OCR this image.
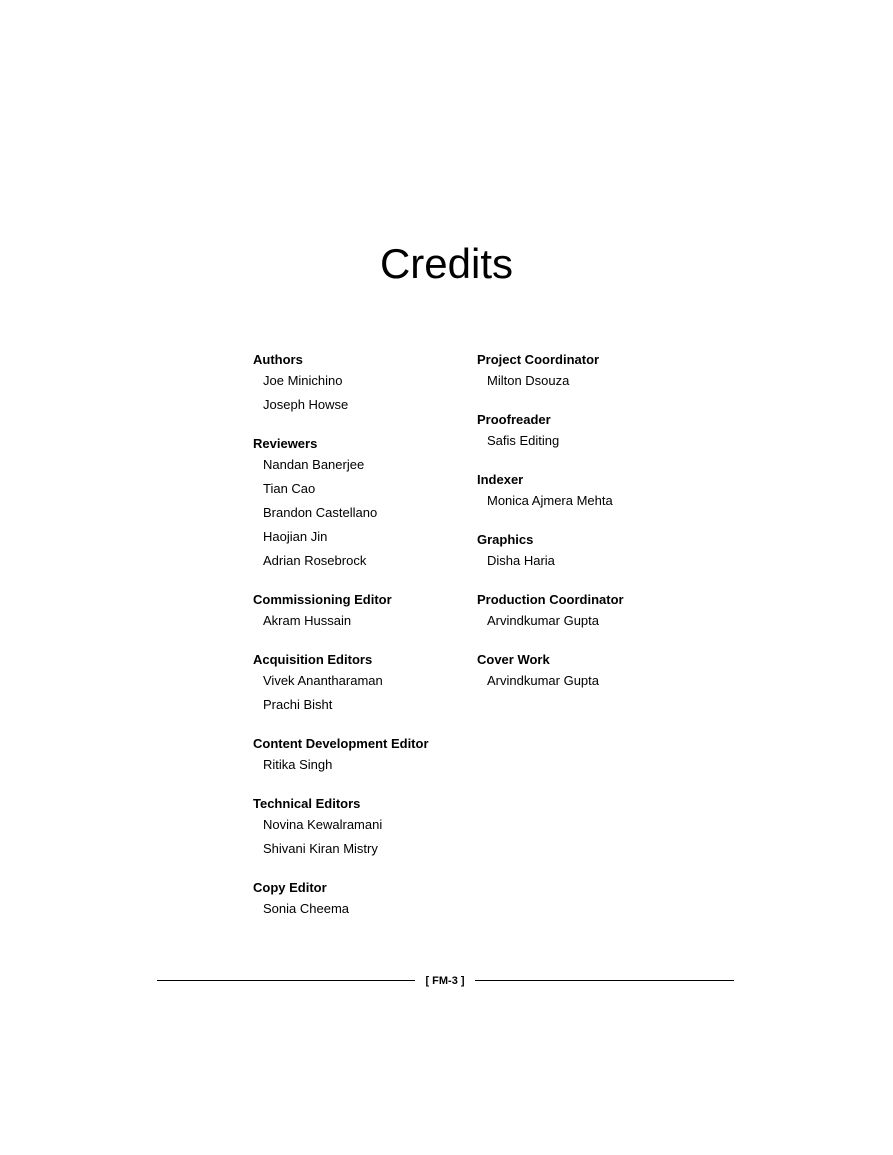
Credits
Authors
Joe Minichino
Joseph Howse
Reviewers
Nandan Banerjee
Tian Cao
Brandon Castellano
Haojian Jin
Adrian Rosebrock
Commissioning Editor
Akram Hussain
Acquisition Editors
Vivek Anantharaman
Prachi Bisht
Content Development Editor
Ritika Singh
Technical Editors
Novina Kewalramani
Shivani Kiran Mistry
Copy Editor
Sonia Cheema
Project Coordinator
Milton Dsouza
Proofreader
Safis Editing
Indexer
Monica Ajmera Mehta
Graphics
Disha Haria
Production Coordinator
Arvindkumar Gupta
Cover Work
Arvindkumar Gupta
[ FM-3 ]
